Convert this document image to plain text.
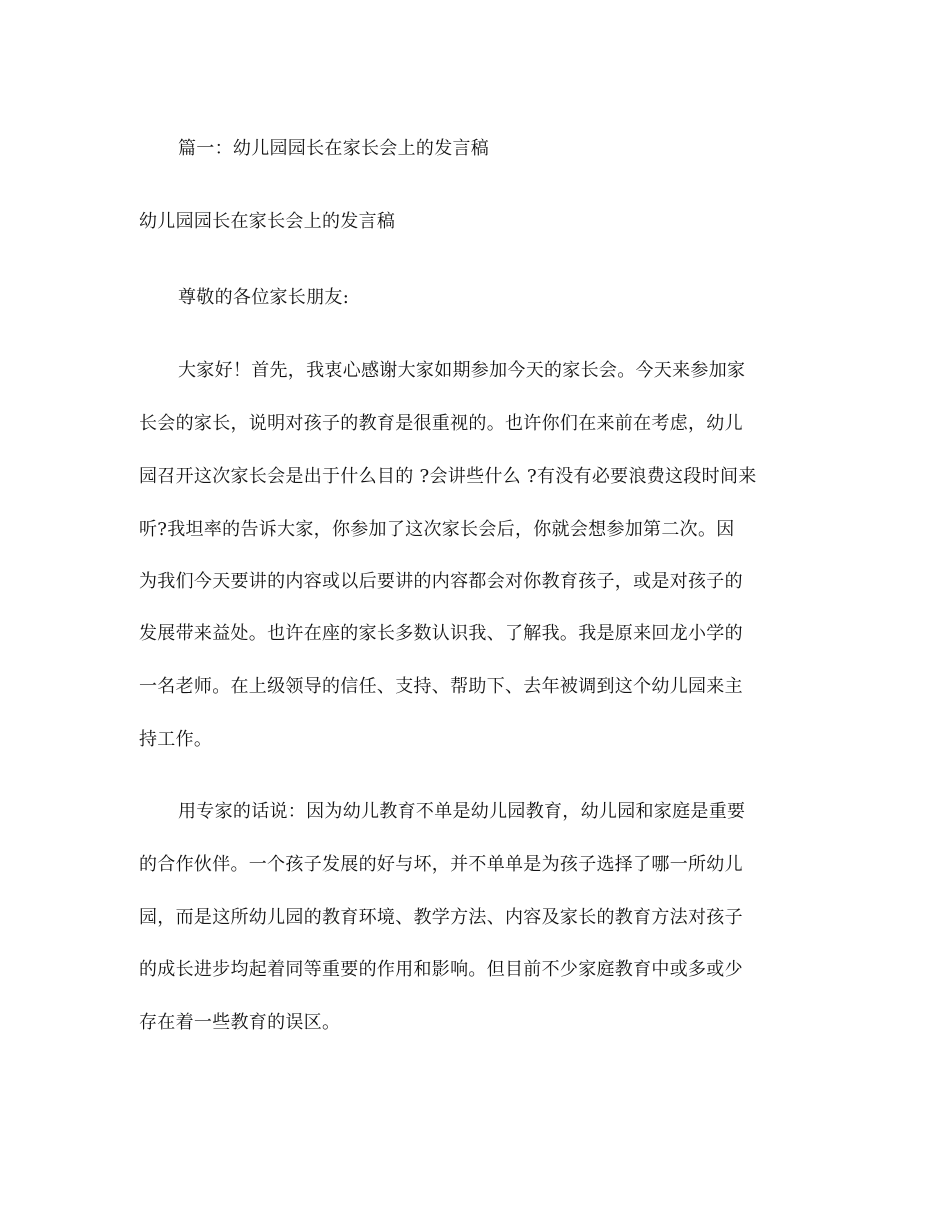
篇一：幼儿园园长在家长会上的发言稿
幼儿园园长在家长会上的发言稿
尊敬的各位家长朋友:
大家好！首先，我衷心感谢大家如期参加今天的家长会。今天来参加家
长会的家长，说明对孩子的教育是很重视的。也许你们在来前在考虑，幼儿
园召开这次家长会是出于什么目的 ?会讲些什么 ?有没有必要浪费这段时间来
听?我坦率的告诉大家，你参加了这次家长会后，你就会想参加第二次。因
为我们今天要讲的内容或以后要讲的内容都会对你教育孩子，或是对孩子的
发展带来益处。也许在座的家长多数认识我、了解我。我是原来回龙小学的
一名老师。在上级领导的信任、支持、帮助下、去年被调到这个幼儿园来主
持工作。
用专家的话说：因为幼儿教育不单是幼儿园教育，幼儿园和家庭是重要
的合作伙伴。一个孩子发展的好与坏，并不单单是为孩子选择了哪一所幼儿
园，而是这所幼儿园的教育环境、教学方法、内容及家长的教育方法对孩子
的成长进步均起着同等重要的作用和影响。但目前不少家庭教育中或多或少
存在着一些教育的误区。
